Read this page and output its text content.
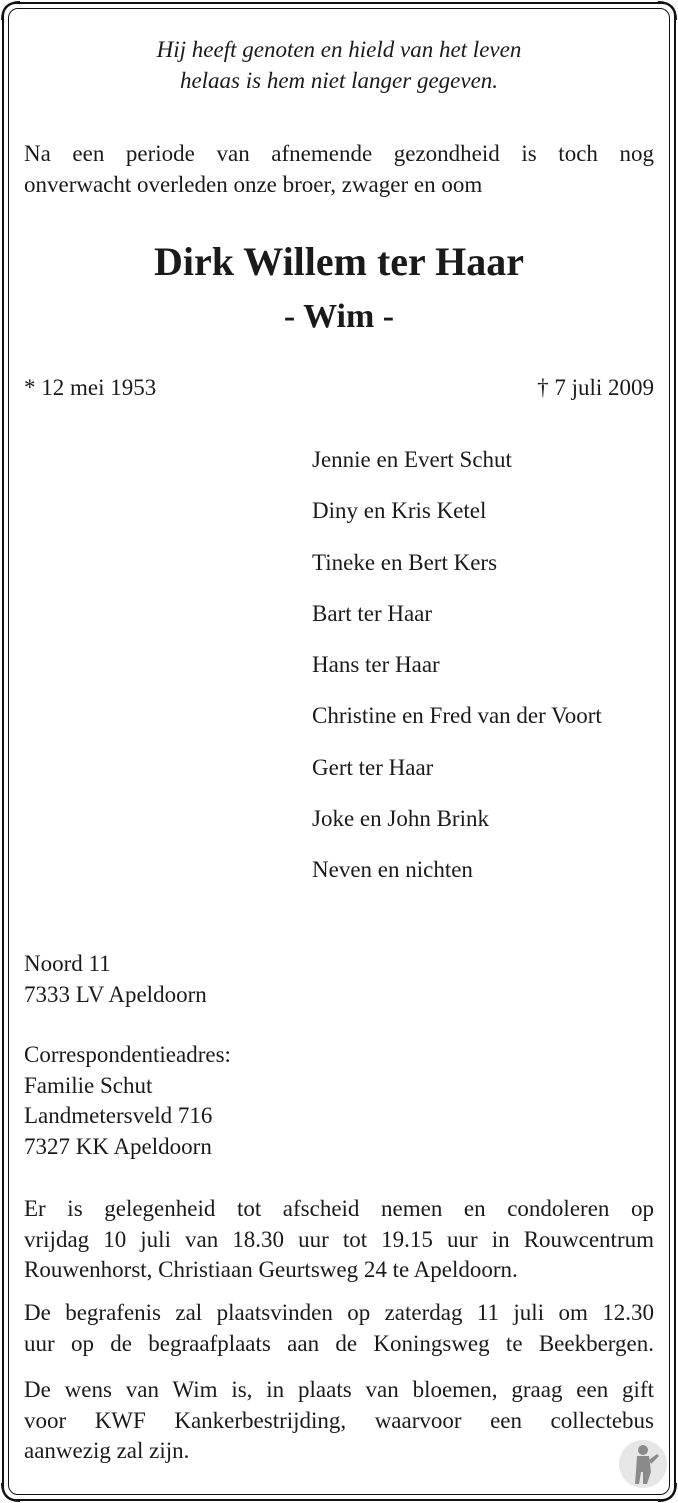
Hij heeft genoten en hield van het leven
helaas is hem niet langer gegeven.
Na een periode van afnemende gezondheid is toch nog
onverwacht overleden onze broer, zwager en oom
Dirk Willem ter Haar
- Wim -
* 12 mei 1953	† 7 juli 2009
Jennie en Evert Schut
Diny en Kris Ketel
Tineke en Bert Kers
Bart ter Haar
Hans ter Haar
Christine en Fred van der Voort
Gert ter Haar
Joke en John Brink
Neven en nichten
Noord 11
7333 LV Apeldoorn
Correspondentieadres:
Familie Schut
Landmetersveld 716
7327 KK Apeldoorn
Er is gelegenheid tot afscheid nemen en condoleren op
vrijdag 10 juli van 18.30 uur tot 19.15 uur in Rouwcentrum
Rouwenhorst, Christiaan Geurtsweg 24 te Apeldoorn.
De begrafenis zal plaatsvinden op zaterdag 11 juli om 12.30
uur op de begraafplaats aan de Koningsweg te Beekbergen.
De wens van Wim is, in plaats van bloemen, graag een gift
voor KWF Kankerbestrijding, waarvoor een collectebus
aanwezig zal zijn.
